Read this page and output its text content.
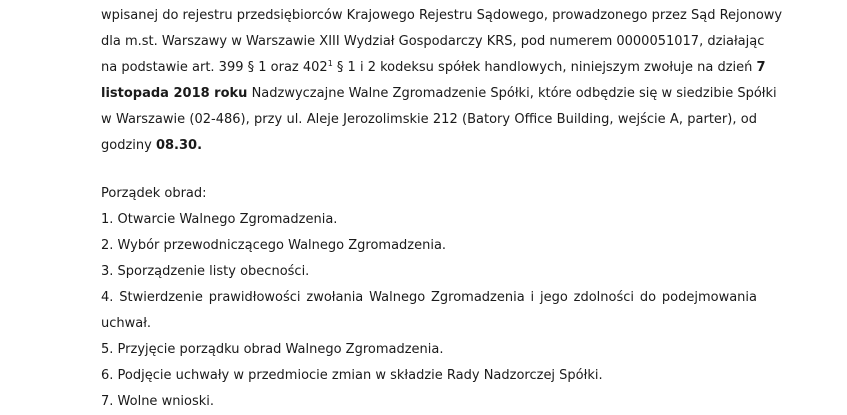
wpisanej do rejestru przedsiębiorców Krajowego Rejestru Sądowego, prowadzonego przez Sąd Rejonowy
dla m.st. Warszawy w Warszawie XIII Wydział Gospodarczy KRS, pod numerem 0000051017, działając
na podstawie art. 399 § 1 oraz $402^1$ § 1 i 2 kodeksu spółek handlowych, niniejszym zwołuje na dzień 7
listopada 2018 roku Nadzwyczajne Walne Zgromadzenie Spółki, które odbędzie się w siedzibie Spółki
w Warszawie (02-486), przy ul. Aleje Jerozolimskie 212 (Batory Office Building, wejście A, parter), od
godziny 08.30.
Porządek obrad:
1. Otwarcie Walnego Zgromadzenia.
2. Wybór przewodniczącego Walnego Zgromadzenia.
3. Sporządzenie listy obecności.
4. Stwierdzenie prawidłowości zwołania Walnego Zgromadzenia i jego zdolności do podejmowania
uchwał.
5. Przyjęcie porządku obrad Walnego Zgromadzenia.
6. Podjęcie uchwały w przedmiocie zmian w składzie Rady Nadzorczej Spółki.
7. Wolne wnioski.
